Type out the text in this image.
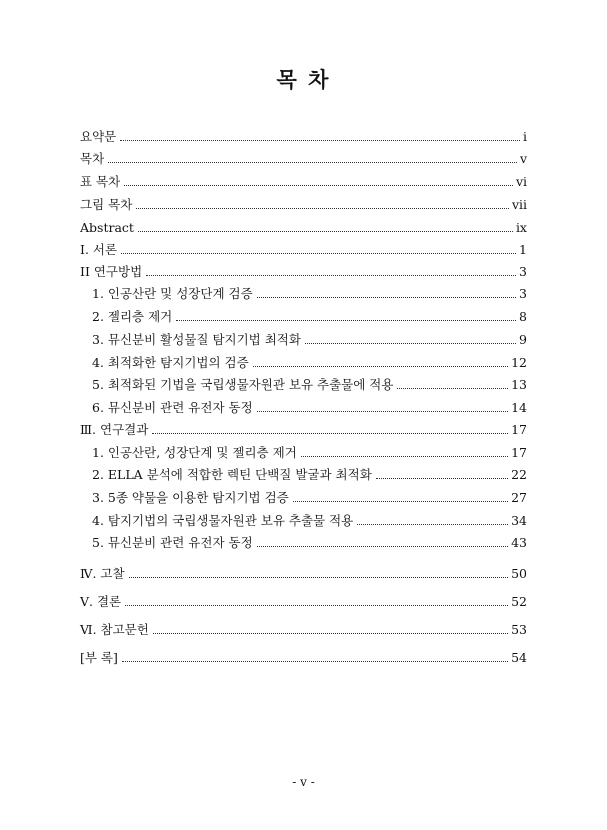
목 차
요약문	i
목차	v
표 목차	vi
그림 목차	vii
Abstract	ix
I. 서론	1
II 연구방법	3
1. 인공산란 및 성장단계 검증	3
2. 젤리층 제거	8
3. 뮤신분비 활성물질 탐지기법 최적화	9
4. 최적화한 탐지기법의 검증	12
5. 최적화된 기법을 국립생물자원관 보유 추출물에 적용	13
6. 뮤신분비 관련 유전자 동정	14
Ⅲ. 연구결과	17
1. 인공산란, 성장단계 및 젤리층 제거	17
2. ELLA 분석에 적합한 렉틴 단백질 발굴과 최적화	22
3. 5종 약물을 이용한 탐지기법 검증	27
4. 탐지기법의 국립생물자원관 보유 추출물 적용	34
5. 뮤신분비 관련 유전자 동정	43
Ⅳ. 고찰	50
Ⅴ. 결론	52
Ⅵ. 참고문헌	53
[부 록]	54
- v -
